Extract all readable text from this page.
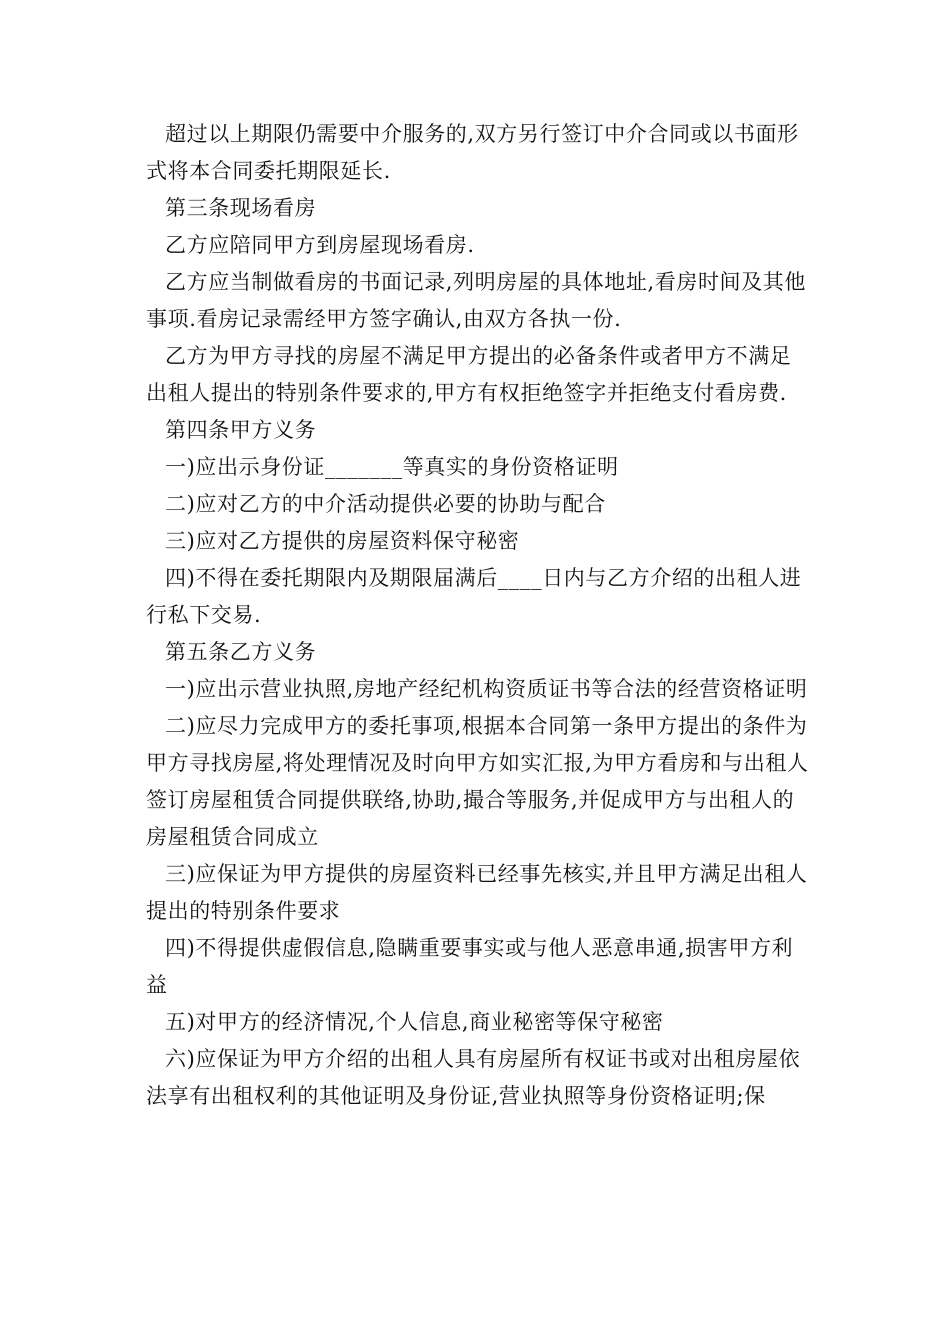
超过以上期限仍需要中介服务的,双方另行签订中介合同或以书面形式将本合同委托期限延长.

第三条现场看房

乙方应陪同甲方到房屋现场看房.

乙方应当制做看房的书面记录,列明房屋的具体地址,看房时间及其他事项.看房记录需经甲方签字确认,由双方各执一份.

乙方为甲方寻找的房屋不满足甲方提出的必备条件或者甲方不满足出租人提出的特别条件要求的,甲方有权拒绝签字并拒绝支付看房费.

第四条甲方义务

一)应出示身份证_______等真实的身份资格证明

二)应对乙方的中介活动提供必要的协助与配合

三)应对乙方提供的房屋资料保守秘密

四)不得在委托期限内及期限届满后____日内与乙方介绍的出租人进行私下交易.

第五条乙方义务

一)应出示营业执照,房地产经纪机构资质证书等合法的经营资格证明

二)应尽力完成甲方的委托事项,根据本合同第一条甲方提出的条件为甲方寻找房屋,将处理情况及时向甲方如实汇报,为甲方看房和与出租人签订房屋租赁合同提供联络,协助,撮合等服务,并促成甲方与出租人的房屋租赁合同成立

三)应保证为甲方提供的房屋资料已经事先核实,并且甲方满足出租人提出的特别条件要求

四)不得提供虚假信息,隐瞒重要事实或与他人恶意串通,损害甲方利益

五)对甲方的经济情况,个人信息,商业秘密等保守秘密

六)应保证为甲方介绍的出租人具有房屋所有权证书或对出租房屋依法享有出租权利的其他证明及身份证,营业执照等身份资格证明;保
